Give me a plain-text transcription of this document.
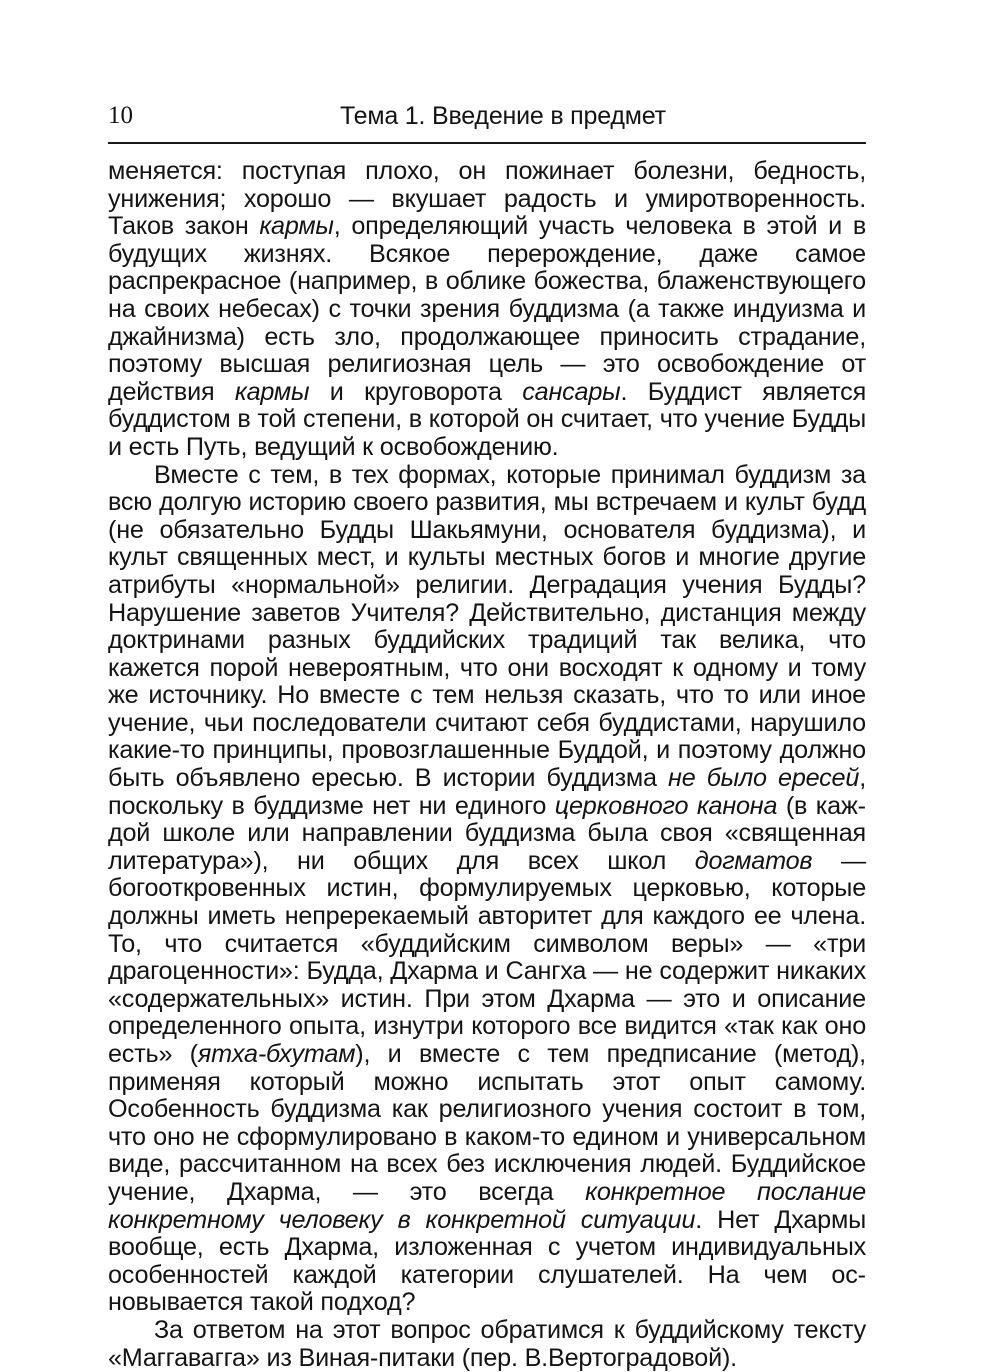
10	Тема 1. Введение в предмет

меняется: поступая плохо, он пожинает болезни, бедность, унижения; хорошо — вкушает радость и умиротворенность. Таков закон кармы, определяющий участь человека в этой и в будущих жизнях. Всякое перерождение, даже самое распрекрасное (например, в облике божества, блаженствующего на своих небесах) с точки зрения буддизма (а также индуизма и джайнизма) есть зло, продолжающее приносить страдание, поэтому высшая религиозная цель — это освобождение от действия кармы и круговорота сансары. Буддист является буддистом в той степени, в которой он считает, что учение Будды и есть Путь, ведущий к освобождению.

Вместе с тем, в тех формах, которые принимал буддизм за всю долгую историю своего развития, мы встречаем и культ будд (не обязательно Будды Шакьямуни, основателя буддизма), и культ священных мест, и культы местных богов и многие другие атрибуты «нормальной» религии. Деградация учения Будды? Нарушение заветов Учителя? Действительно, дистанция между доктринами разных буддийских традиций так велика, что кажется порой невероятным, что они восходят к одному и тому же источнику. Но вместе с тем нельзя сказать, что то или иное учение, чьи последователи считают себя буддистами, нарушило какие-то принципы, провозглашенные Буддой, и поэтому должно быть объявлено ересью. В истории буддизма не было ересей, поскольку в буддизме нет ни единого церковного канона (в каждой школе или направлении буддизма была своя «священная литература»), ни общих для всех школ догматов — богооткровенных истин, формулируемых церковью, которые должны иметь непререкаемый авторитет для каждого ее члена. То, что считается «буддийским символом веры» — «три драгоценности»: Будда, Дхарма и Сангха — не содержит никаких «содержательных» истин. При этом Дхарма — это и описание определенного опыта, изнутри которого все видится «так как оно есть» (ятха-бхутам), и вместе с тем предписание (метод), применяя который можно испытать этот опыт самому. Особенность буддизма как религиозного учения состоит в том, что оно не сформулировано в каком-то едином и универсальном виде, рассчитанном на всех без исключения людей. Буддийское учение, Дхарма, — это всегда конкретное послание конкретному человеку в конкретной ситуации. Нет Дхармы вообще, есть Дхарма, изложенная с учетом индивидуальных особенностей каждой категории слушателей. На чем основывается такой подход?

За ответом на этот вопрос обратимся к буддийскому тексту «Маггавагга» из Виная-питаки (пер. В.Вертоградовой).
